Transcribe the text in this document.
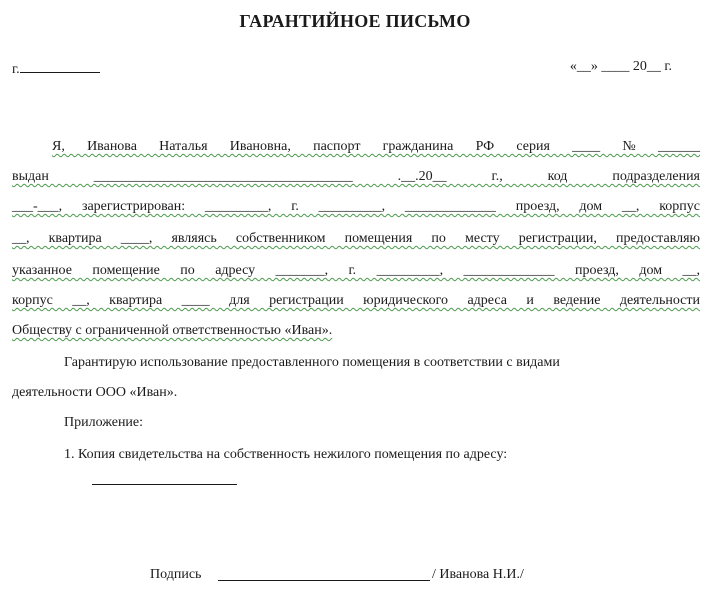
ГАРАНТИЙНОЕ ПИСЬМО
г.	«__» ____ 20__ г.
Я, Иванова Наталья Ивановна, паспорт гражданина РФ серия ____ № ______
выдан _____________________________________ .__.20__ г., код подразделения
___-___, зарегистрирован: _________, г. _________, _____________ проезд, дом __, корпус
__, квартира ____, являясь собственником помещения по месту регистрации, предоставляю
указанное помещение по адресу _______, г. _________, _____________ проезд, дом __,
корпус __, квартира ____ для регистрации юридического адреса и ведение деятельности
Обществу с ограниченной ответственностью «Иван».
Гарантирую использование предоставленного помещения в соответствии с видами
деятельности ООО «Иван».
Приложение:
1. Копия свидетельства на собственность нежилого помещения по адресу:
Подпись	/ Иванова Н.И./
